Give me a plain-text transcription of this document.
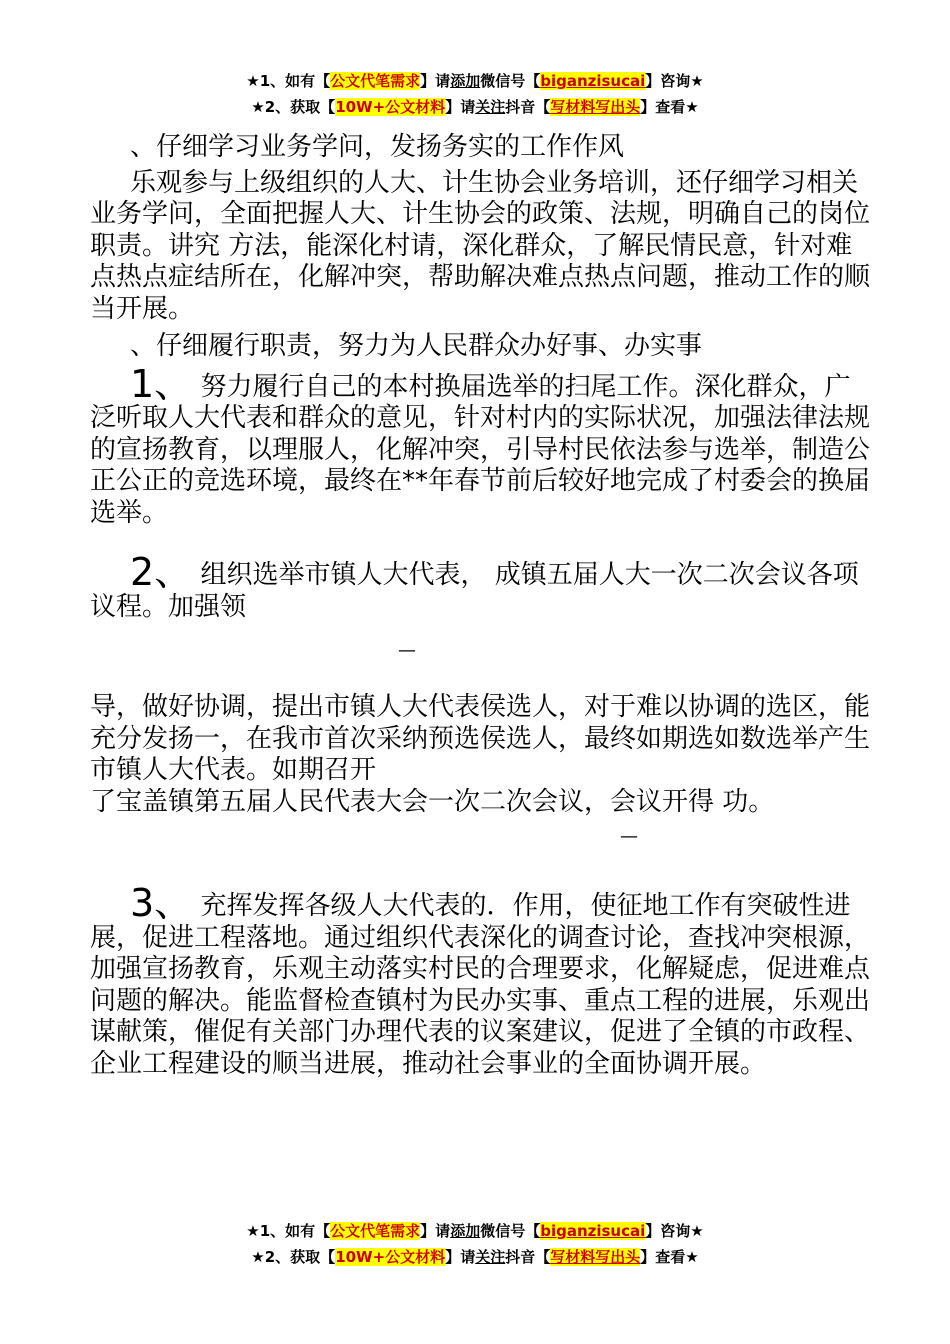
★1、如有【公文代笔需求】请添加微信号【biganzisucai】咨询★
★2、获取【10W+公文材料】请关注抖音【写材料写出头】查看★

、仔细学习业务学问，发扬务实的工作作风

乐观参与上级组织的人大、计生协会业务培训，还仔细学习相关业务学问，全面把握人大、计生协会的政策、法规，明确自己的岗位职责。讲究 方法，能深化村请，深化群众，了解民情民意，针对难点热点症结所在，化解冲突，帮助解决难点热点问题，推动工作的顺当开展。

、仔细履行职责，努力为人民群众办好事、办实事

1、 努力履行自己的本村换届选举的扫尾工作。深化群众，广泛听取人大代表和群众的意见，针对村内的实际状况，加强法律法规的宣扬教育，以理服人，化解冲突，引导村民依法参与选举，制造公正公正的竞选环境，最终在**年春节前后较好地完成了村委会的换届选举。

2、 组织选举市镇人大代表， 成镇五届人大一次二次会议各项议程。加强领

—

导，做好协调，提出市镇人大代表侯选人，对于难以协调的选区，能充分发扬一，在我市首次采纳预选侯选人，最终如期选如数选举产生市镇人大代表。如期召开

了宝盖镇第五届人民代表大会一次二次会议，会议开得 功。

—

3、 充挥发挥各级人大代表的．作用，使征地工作有突破性进展，促进工程落地。通过组织代表深化的调查讨论，查找冲突根源，加强宣扬教育，乐观主动落实村民的合理要求，化解疑虑，促进难点问题的解决。能监督检查镇村为民办实事、重点工程的进展，乐观出谋献策，催促有关部门办理代表的议案建议，促进了全镇的市政程、企业工程建设的顺当进展，推动社会事业的全面协调开展。

★1、如有【公文代笔需求】请添加微信号【biganzisucai】咨询★
★2、获取【10W+公文材料】请关注抖音【写材料写出头】查看★
